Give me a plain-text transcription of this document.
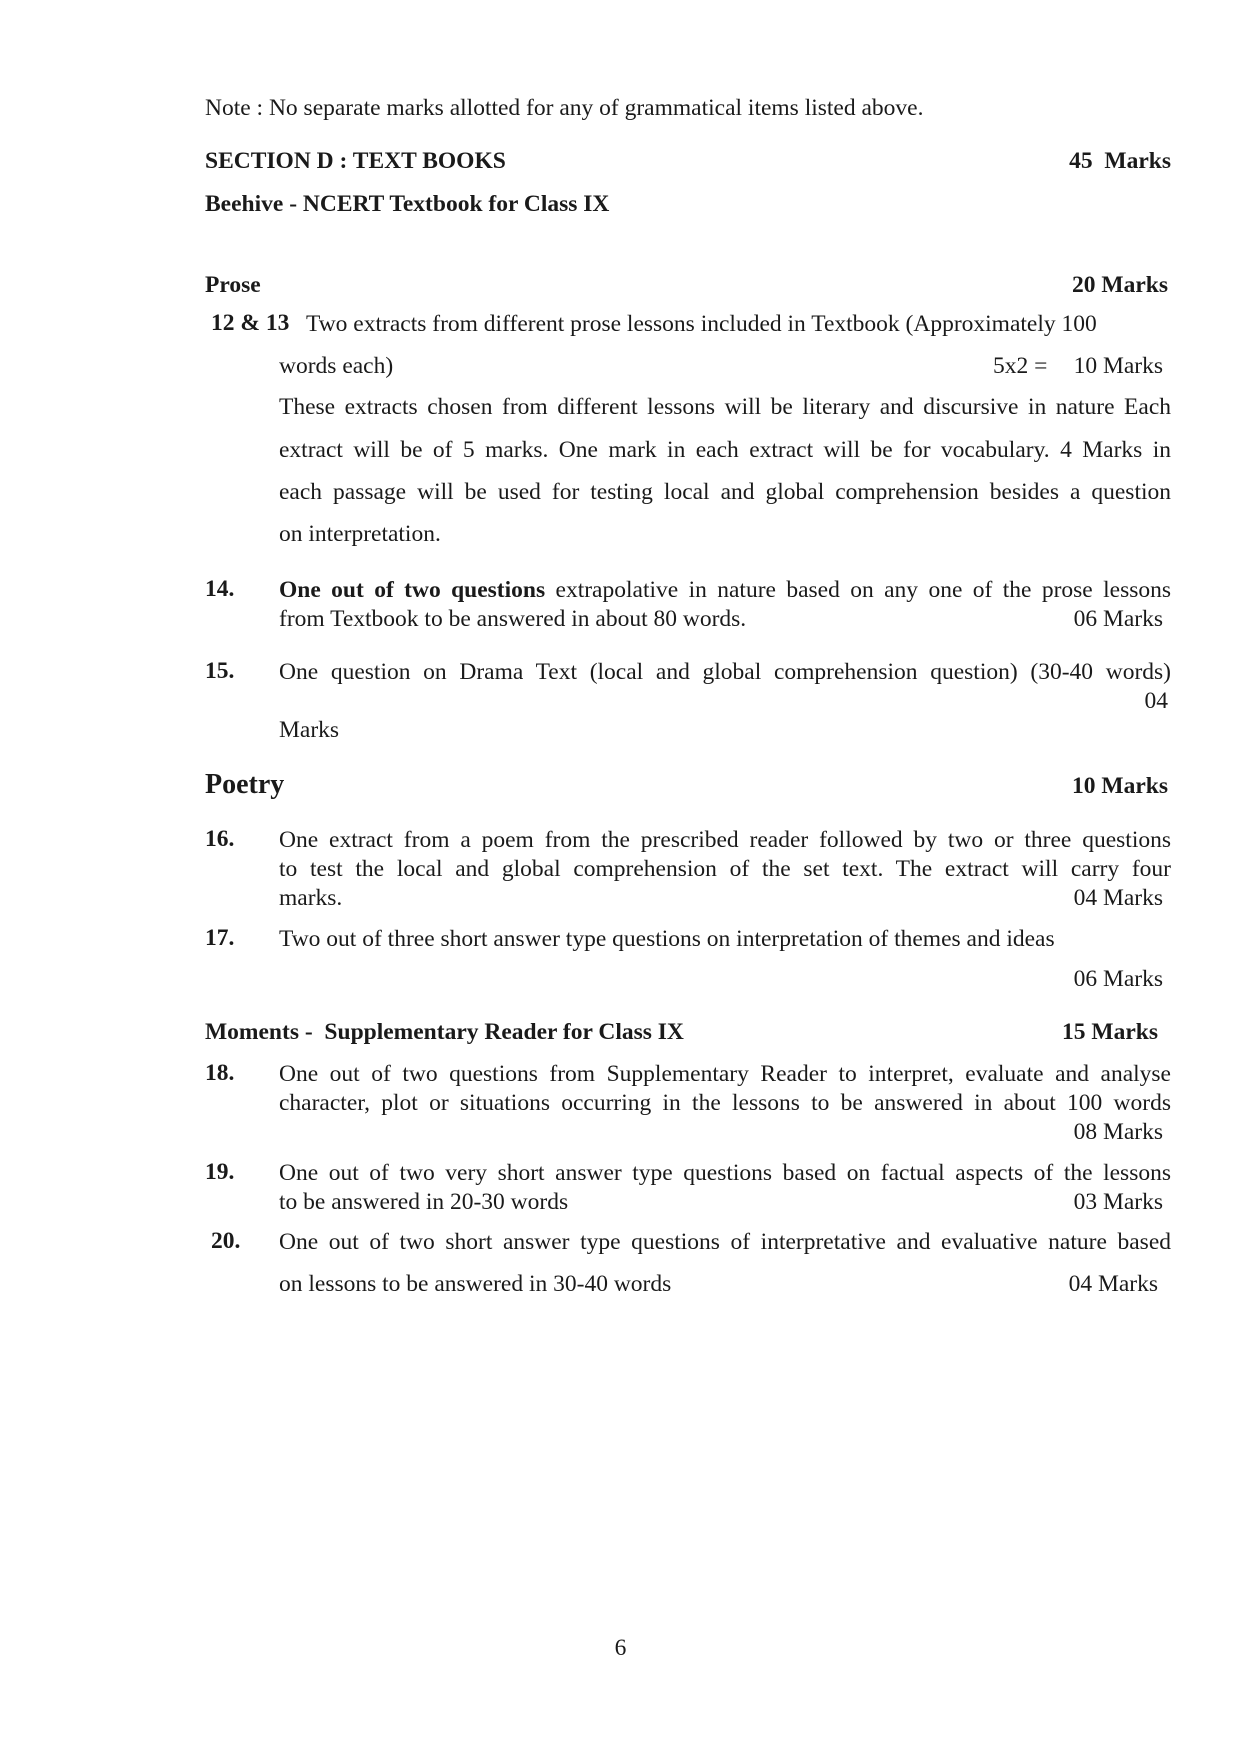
Note : No separate marks allotted for any of grammatical items listed above.
SECTION D : TEXT BOOKS	45  Marks
Beehive - NCERT Textbook for Class IX
Prose	20 Marks
12 & 13 Two extracts from different prose lessons included in Textbook (Approximately 100
words each)	5x2 = 10 Marks
These extracts chosen from different lessons will be literary and discursive in nature Each
extract will be of 5 marks. One mark in each extract will be for vocabulary. 4 Marks in
each passage will be used for testing local and global comprehension besides a question
on interpretation.
14. One out of two questions extrapolative in nature based on any one of the prose lessons
from Textbook to be answered in about 80 words.	06 Marks
15. One question on Drama Text (local and global comprehension question) (30-40 words)
04
Marks
Poetry	10 Marks
16. One extract from a poem from the prescribed reader followed by two or three questions
to test the local and global comprehension of the set text. The extract will carry four
marks.	04 Marks
17. Two out of three short answer type questions on interpretation of themes and ideas
06 Marks
Moments -  Supplementary Reader for Class IX	15 Marks
18. One out of two questions from Supplementary Reader to interpret, evaluate and analyse
character, plot or situations occurring in the lessons to be answered in about 100 words
08 Marks
19. One out of two very short answer type questions based on factual aspects of the lessons
to be answered in 20-30 words	03 Marks
20. One out of two short answer type questions of interpretative and evaluative nature based
on lessons to be answered in 30-40 words	04 Marks
6
